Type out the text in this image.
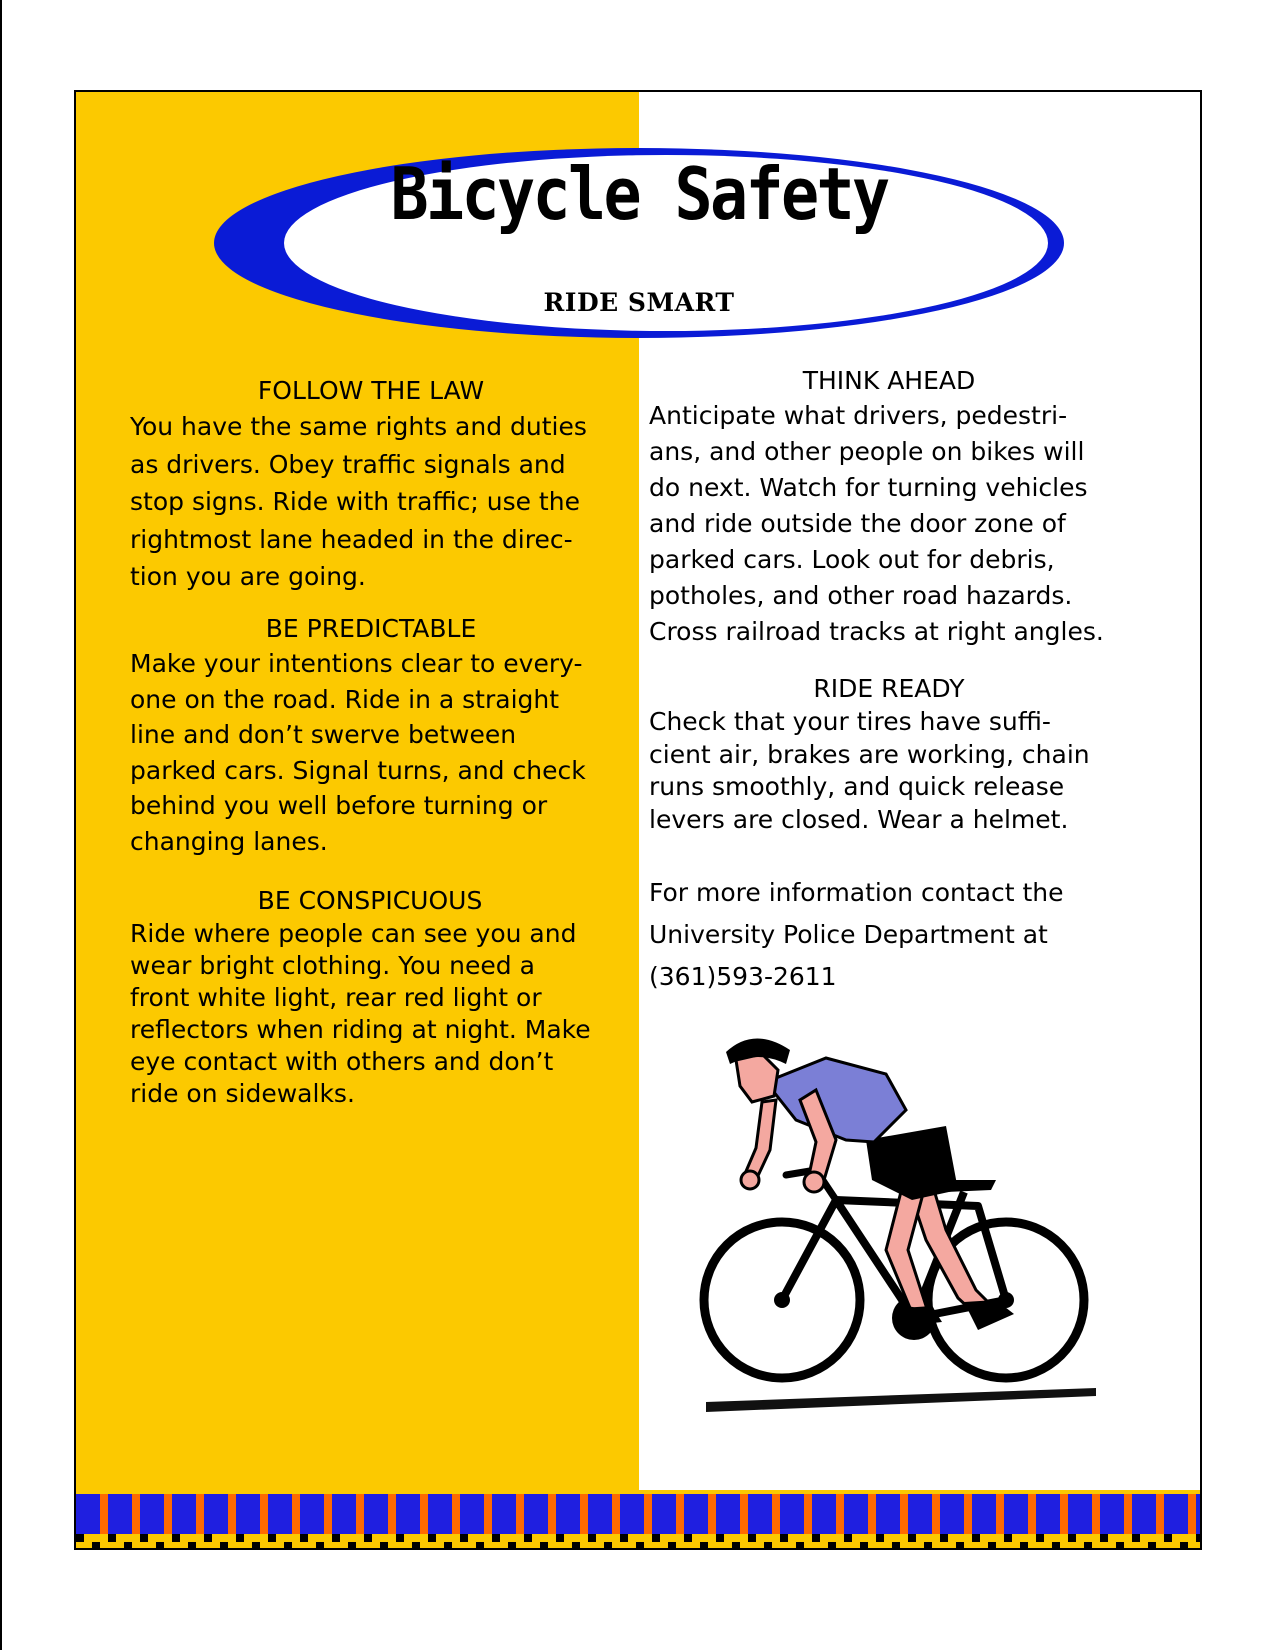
Bicycle Safety
RIDE SMART
FOLLOW THE LAW

You have the same rights and duties
as drivers. Obey traffic signals and
stop signs. Ride with traffic; use the
rightmost lane headed in the direc-
tion you are going.

BE PREDICTABLE

Make your intentions clear to every-
one on the road. Ride in a straight
line and don’t swerve between
parked cars. Signal turns, and check
behind you well before turning or
changing lanes.

BE CONSPICUOUS

Ride where people can see you and
wear bright clothing. You need a
front white light, rear red light or
reflectors when riding at night. Make
eye contact with others and don’t
ride on sidewalks.

THINK AHEAD

Anticipate what drivers, pedestri-
ans, and other people on bikes will
do next. Watch for turning vehicles
and ride outside the door zone of
parked cars. Look out for debris,
potholes, and other road hazards.
Cross railroad tracks at right angles.

RIDE READY

Check that your tires have suffi-
cient air, brakes are working, chain
runs smoothly, and quick release
levers are closed. Wear a helmet.

For more information contact the
University Police Department at
(361)593-2611
